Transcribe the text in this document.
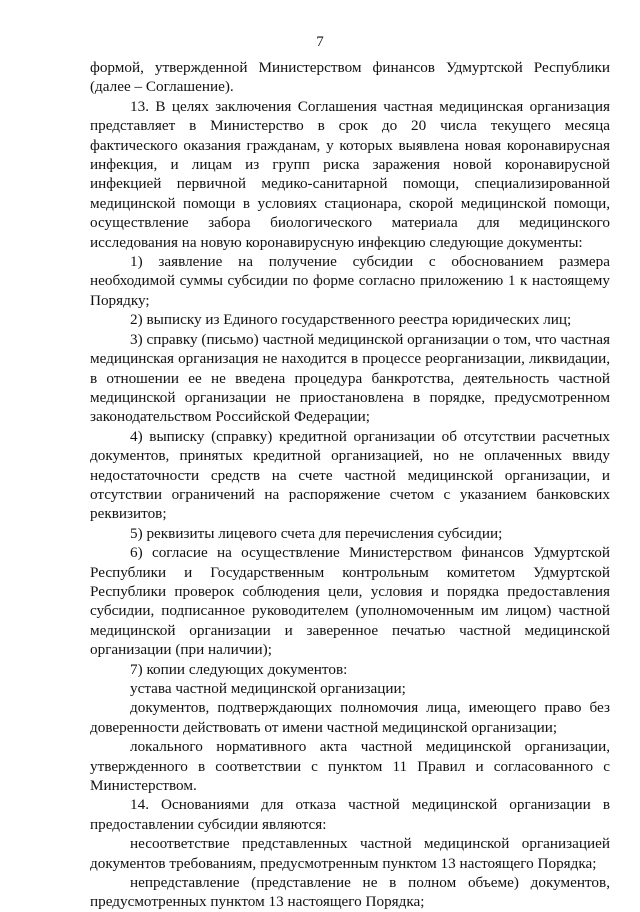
7

формой, утвержденной Министерством финансов Удмуртской Республики (далее – Соглашение).

13. В целях заключения Соглашения частная медицинская организация представляет в Министерство в срок до 20 числа текущего месяца фактического оказания гражданам, у которых выявлена новая коронавирусная инфекция, и лицам из групп риска заражения новой коронавирусной инфекцией первичной медико-санитарной помощи, специализированной медицинской помощи в условиях стационара, скорой медицинской помощи, осуществление забора биологического материала для медицинского исследования на новую коронавирусную инфекцию следующие документы:

1) заявление на получение субсидии с обоснованием размера необходимой суммы субсидии по форме согласно приложению 1 к настоящему Порядку;

2) выписку из Единого государственного реестра юридических лиц;

3) справку (письмо) частной медицинской организации о том, что частная медицинская организация не находится в процессе реорганизации, ликвидации, в отношении ее не введена процедура банкротства, деятельность частной медицинской организации не приостановлена в порядке, предусмотренном законодательством Российской Федерации;

4) выписку (справку) кредитной организации об отсутствии расчетных документов, принятых кредитной организацией, но не оплаченных ввиду недостаточности средств на счете частной медицинской организации, и отсутствии ограничений на распоряжение счетом с указанием банковских реквизитов;

5) реквизиты лицевого счета для перечисления субсидии;

6) согласие на осуществление Министерством финансов Удмуртской Республики и Государственным контрольным комитетом Удмуртской Республики проверок соблюдения цели, условия и порядка предоставления субсидии, подписанное руководителем (уполномоченным им лицом) частной медицинской организации и заверенное печатью частной медицинской организации (при наличии);

7) копии следующих документов:

устава частной медицинской организации;

документов, подтверждающих полномочия лица, имеющего право без доверенности действовать от имени частной медицинской организации;

локального нормативного акта частной медицинской организации, утвержденного в соответствии с пунктом 11 Правил и согласованного с Министерством.

14. Основаниями для отказа частной медицинской организации в предоставлении субсидии являются:

несоответствие представленных частной медицинской организацией документов требованиям, предусмотренным пунктом 13 настоящего Порядка;

непредставление (представление не в полном объеме) документов, предусмотренных пунктом 13 настоящего Порядка;
